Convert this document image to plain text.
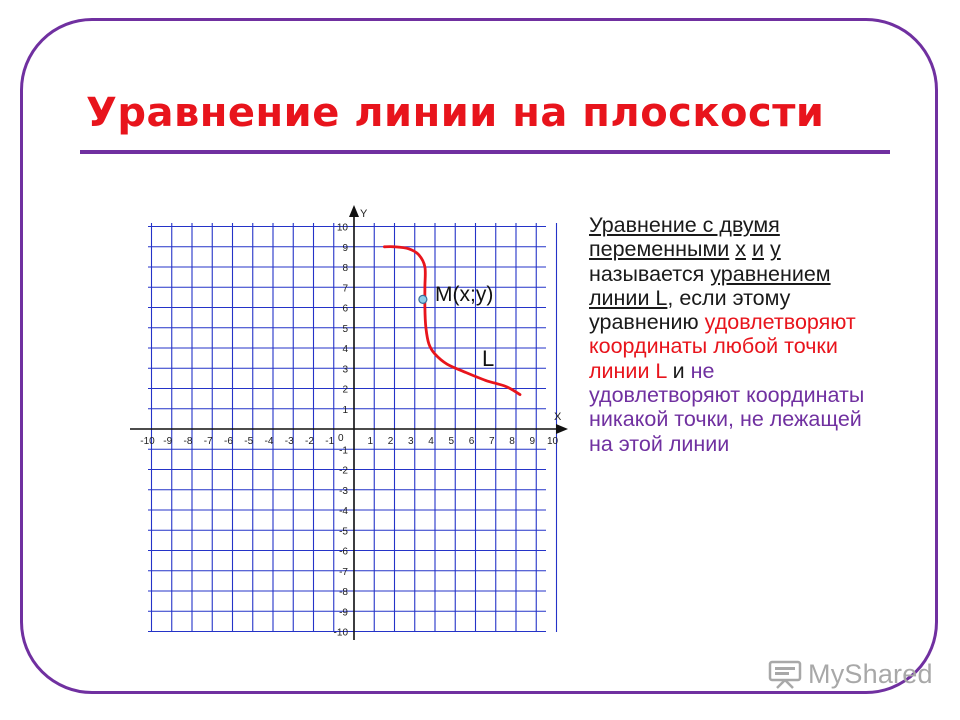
Уравнение линии на плоскости
-10 -9 -8 -7 -6 -5 -4 -3 -2 -1	1 2 3 4 5 6 7 8 9 10
10
9
8
7
6
5
4
3
2
1
-1
-2
-3
-4
-5
-6
-7
-8
-9
-10
X
Y
0
M(x;y)
L

Уравнение с двумя
переменными x и y
называется уравнением
линии L, если этому
уравнению удовлетворяют
координаты любой точки
линии L и не
удовлетворяют координаты
никакой точки, не лежащей
на этой линии

MyShared
